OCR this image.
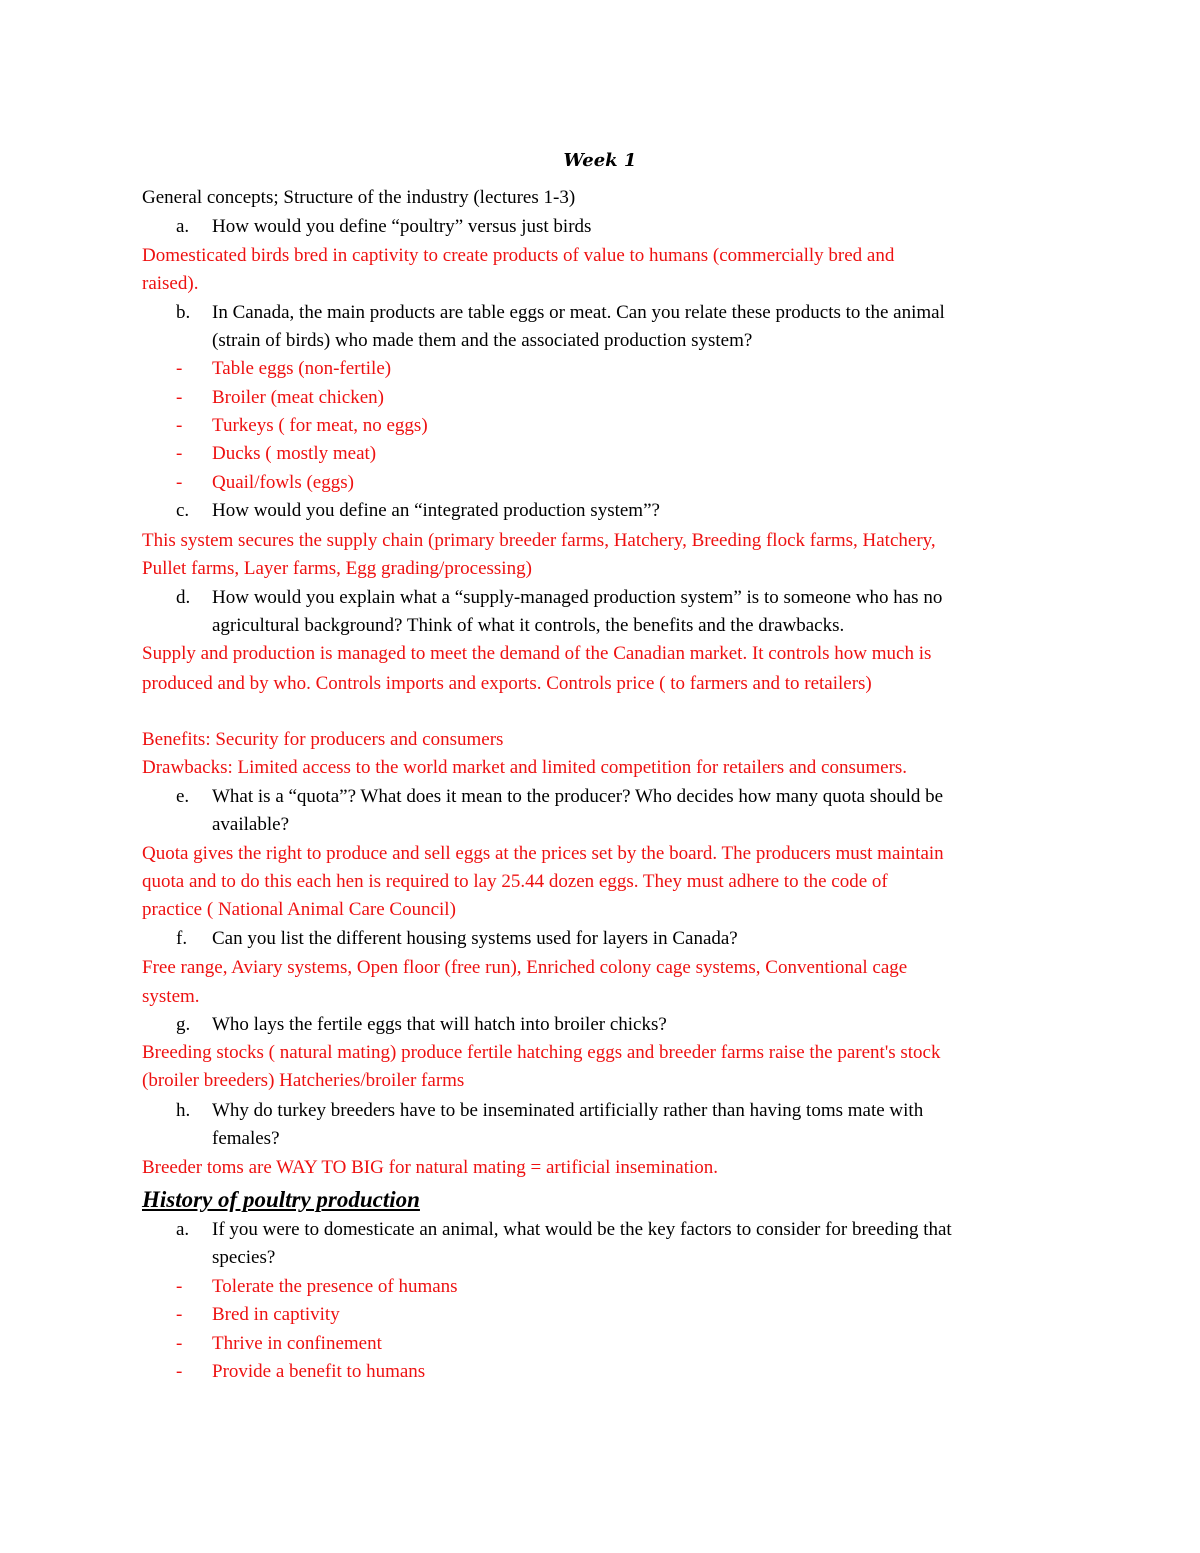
Week 1
General concepts; Structure of the industry (lectures 1-3)
a. How would you define “poultry” versus just birds
Domesticated birds bred in captivity to create products of value to humans (commercially bred and
raised).
b. In Canada, the main products are table eggs or meat. Can you relate these products to the animal
(strain of birds) who made them and the associated production system?
- Table eggs (non-fertile)
- Broiler (meat chicken)
- Turkeys ( for meat, no eggs)
- Ducks ( mostly meat)
- Quail/fowls (eggs)
c. How would you define an “integrated production system”?
This system secures the supply chain (primary breeder farms, Hatchery, Breeding flock farms, Hatchery,
Pullet farms, Layer farms, Egg grading/processing)
d. How would you explain what a “supply-managed production system” is to someone who has no
agricultural background? Think of what it controls, the benefits and the drawbacks.
Supply and production is managed to meet the demand of the Canadian market. It controls how much is
produced and by who. Controls imports and exports. Controls price ( to farmers and to retailers)
Benefits: Security for producers and consumers
Drawbacks: Limited access to the world market and limited competition for retailers and consumers.
e. What is a “quota”? What does it mean to the producer? Who decides how many quota should be
available?
Quota gives the right to produce and sell eggs at the prices set by the board. The producers must maintain
quota and to do this each hen is required to lay 25.44 dozen eggs. They must adhere to the code of
practice ( National Animal Care Council)
f. Can you list the different housing systems used for layers in Canada?
Free range, Aviary systems, Open floor (free run), Enriched colony cage systems, Conventional cage
system.
g. Who lays the fertile eggs that will hatch into broiler chicks?
Breeding stocks ( natural mating) produce fertile hatching eggs and breeder farms raise the parent's stock
(broiler breeders) Hatcheries/broiler farms
h. Why do turkey breeders have to be inseminated artificially rather than having toms mate with
females?
Breeder toms are WAY TO BIG for natural mating = artificial insemination.
History of poultry production
a. If you were to domesticate an animal, what would be the key factors to consider for breeding that
species?
- Tolerate the presence of humans
- Bred in captivity
- Thrive in confinement
- Provide a benefit to humans
